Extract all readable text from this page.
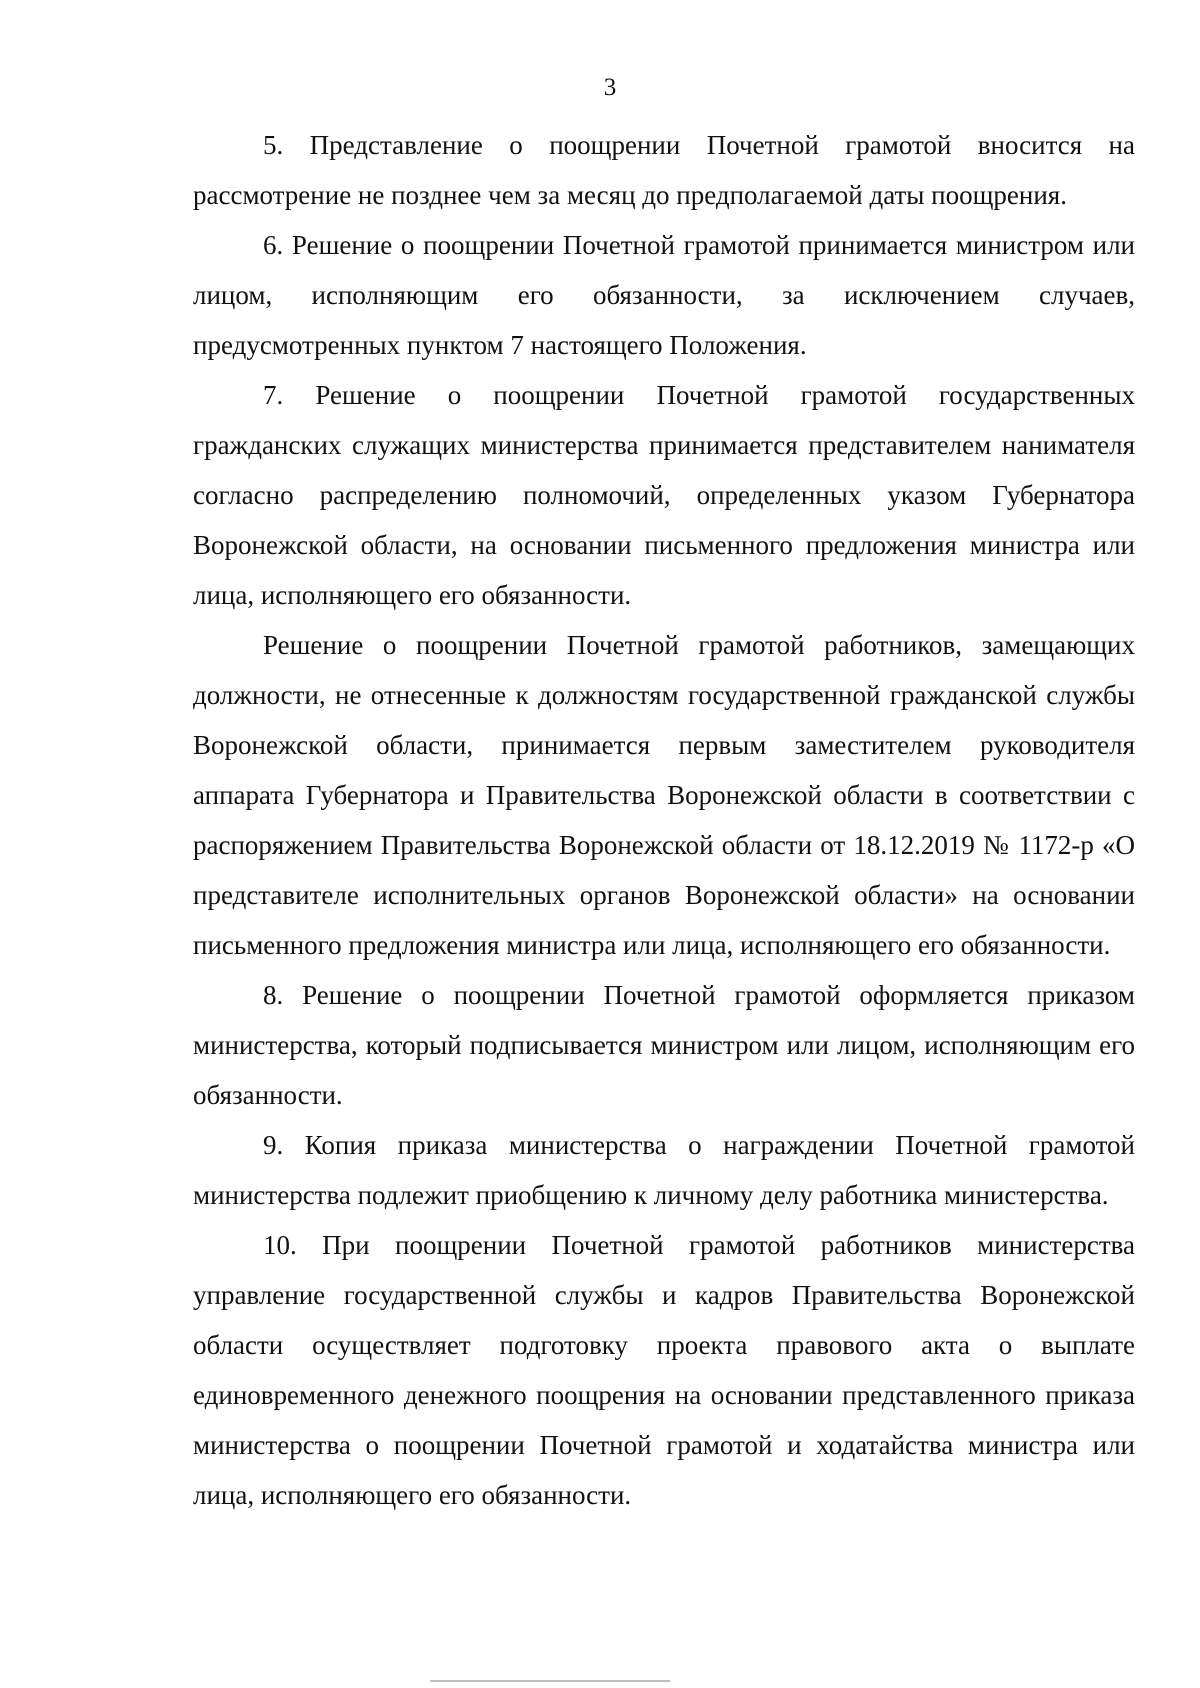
3

5. Представление о поощрении Почетной грамотой вносится на рассмотрение не позднее чем за месяц до предполагаемой даты поощрения.

6. Решение о поощрении Почетной грамотой принимается министром или лицом, исполняющим его обязанности, за исключением случаев, предусмотренных пунктом 7 настоящего Положения.

7. Решение о поощрении Почетной грамотой государственных гражданских служащих министерства принимается представителем нанимателя согласно распределению полномочий, определенных указом Губернатора Воронежской области, на основании письменного предложения министра или лица, исполняющего его обязанности.

Решение о поощрении Почетной грамотой работников, замещающих должности, не отнесенные к должностям государственной гражданской службы Воронежской области, принимается первым заместителем руководителя аппарата Губернатора и Правительства Воронежской области в соответствии с распоряжением Правительства Воронежской области от 18.12.2019 № 1172-р «О представителе исполнительных органов Воронежской области» на основании письменного предложения министра или лица, исполняющего его обязанности.

8. Решение о поощрении Почетной грамотой оформляется приказом министерства, который подписывается министром или лицом, исполняющим его обязанности.

9. Копия приказа министерства о награждении Почетной грамотой министерства подлежит приобщению к личному делу работника министерства.

10. При поощрении Почетной грамотой работников министерства управление государственной службы и кадров Правительства Воронежской области осуществляет подготовку проекта правового акта о выплате единовременного денежного поощрения на основании представленного приказа министерства о поощрении Почетной грамотой и ходатайства министра или лица, исполняющего его обязанности.
